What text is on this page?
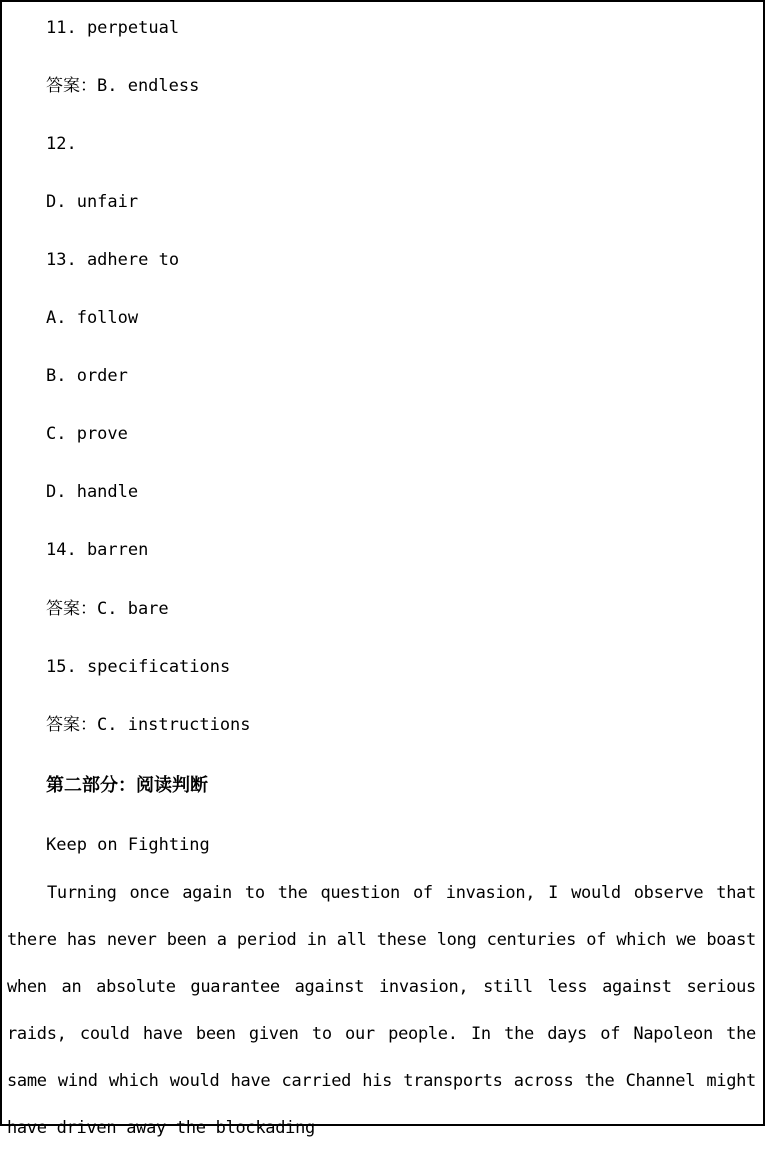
11. perpetual
答案：B. endless
12.
D. unfair
13. adhere to
A. follow
B. order
C. prove
D. handle
14. barren
答案：C. bare
15. specifications
答案：C. instructions
第二部分：阅读判断
Keep on Fighting
Turning once again to the question of invasion, I would observe that there has never been a period in all these long centuries of which we boast when an absolute guarantee against invasion, still less against serious raids, could have been given to our people. In the days of Napoleon the same wind which would have carried his transports across the Channel might have driven away the blockading
